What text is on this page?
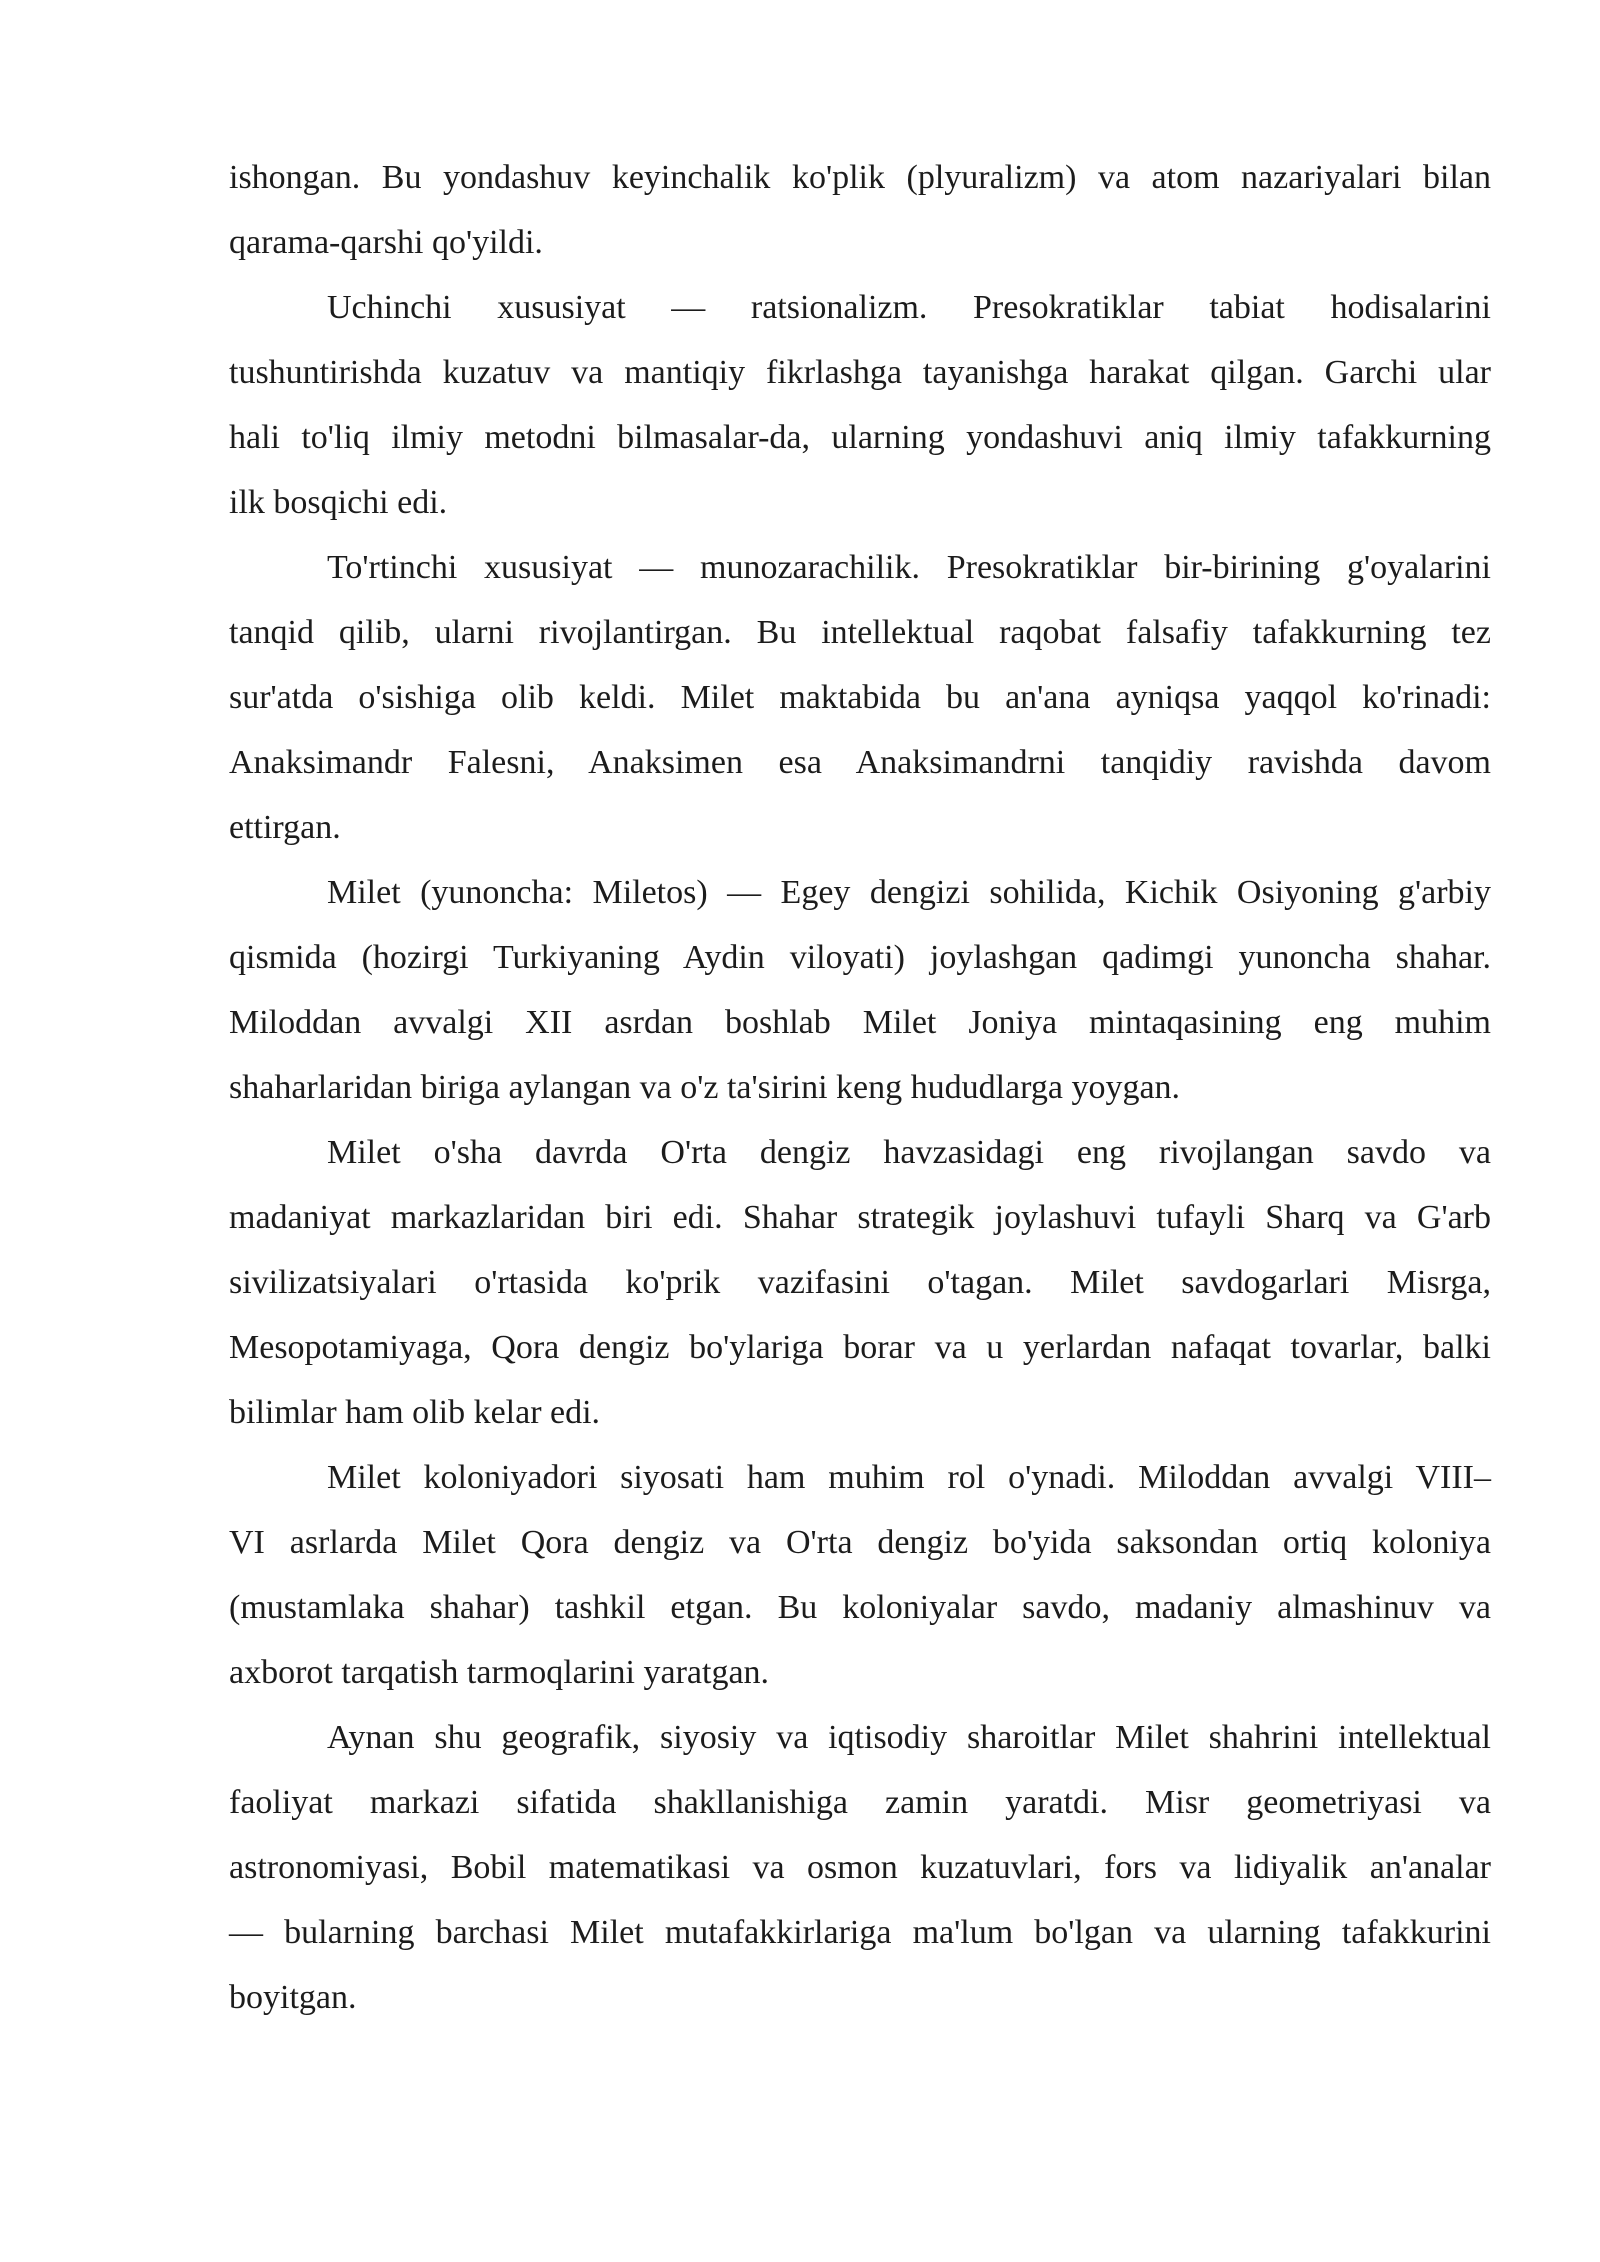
ishongan. Bu yondashuv keyinchalik ko'plik (plyuralizm) va atom nazariyalari bilan
qarama-qarshi qo'yildi.
Uchinchi xususiyat — ratsionalizm. Presokratiklar tabiat hodisalarini
tushuntirishda kuzatuv va mantiqiy fikrlashga tayanishga harakat qilgan. Garchi ular
hali to'liq ilmiy metodni bilmasalar-da, ularning yondashuvi aniq ilmiy tafakkurning
ilk bosqichi edi.
To'rtinchi xususiyat — munozarachilik. Presokratiklar bir-birining g'oyalarini
tanqid qilib, ularni rivojlantirgan. Bu intellektual raqobat falsafiy tafakkurning tez
sur'atda o'sishiga olib keldi. Milet maktabida bu an'ana ayniqsa yaqqol ko'rinadi:
Anaksimandr Falesni, Anaksimen esa Anaksimandrni tanqidiy ravishda davom
ettirgan.
Milet (yunoncha: Miletos) — Egey dengizi sohilida, Kichik Osiyoning g'arbiy
qismida (hozirgi Turkiyaning Aydin viloyati) joylashgan qadimgi yunoncha shahar.
Miloddan avvalgi XII asrdan boshlab Milet Joniya mintaqasining eng muhim
shaharlaridan biriga aylangan va o'z ta'sirini keng hududlarga yoygan.
Milet o'sha davrda O'rta dengiz havzasidagi eng rivojlangan savdo va
madaniyat markazlaridan biri edi. Shahar strategik joylashuvi tufayli Sharq va G'arb
sivilizatsiyalari o'rtasida ko'prik vazifasini o'tagan. Milet savdogarlari Misrga,
Mesopotamiyaga, Qora dengiz bo'ylariga borar va u yerlardan nafaqat tovarlar, balki
bilimlar ham olib kelar edi.
Milet koloniyadori siyosati ham muhim rol o'ynadi. Miloddan avvalgi VIII–
VI asrlarda Milet Qora dengiz va O'rta dengiz bo'yida saksondan ortiq koloniya
(mustamlaka shahar) tashkil etgan. Bu koloniyalar savdo, madaniy almashinuv va
axborot tarqatish tarmoqlarini yaratgan.
Aynan shu geografik, siyosiy va iqtisodiy sharoitlar Milet shahrini intellektual
faoliyat markazi sifatida shakllanishiga zamin yaratdi. Misr geometriyasi va
astronomiyasi, Bobil matematikasi va osmon kuzatuvlari, fors va lidiyalik an'analar
— bularning barchasi Milet mutafakkirlariga ma'lum bo'lgan va ularning tafakkurini
boyitgan.
